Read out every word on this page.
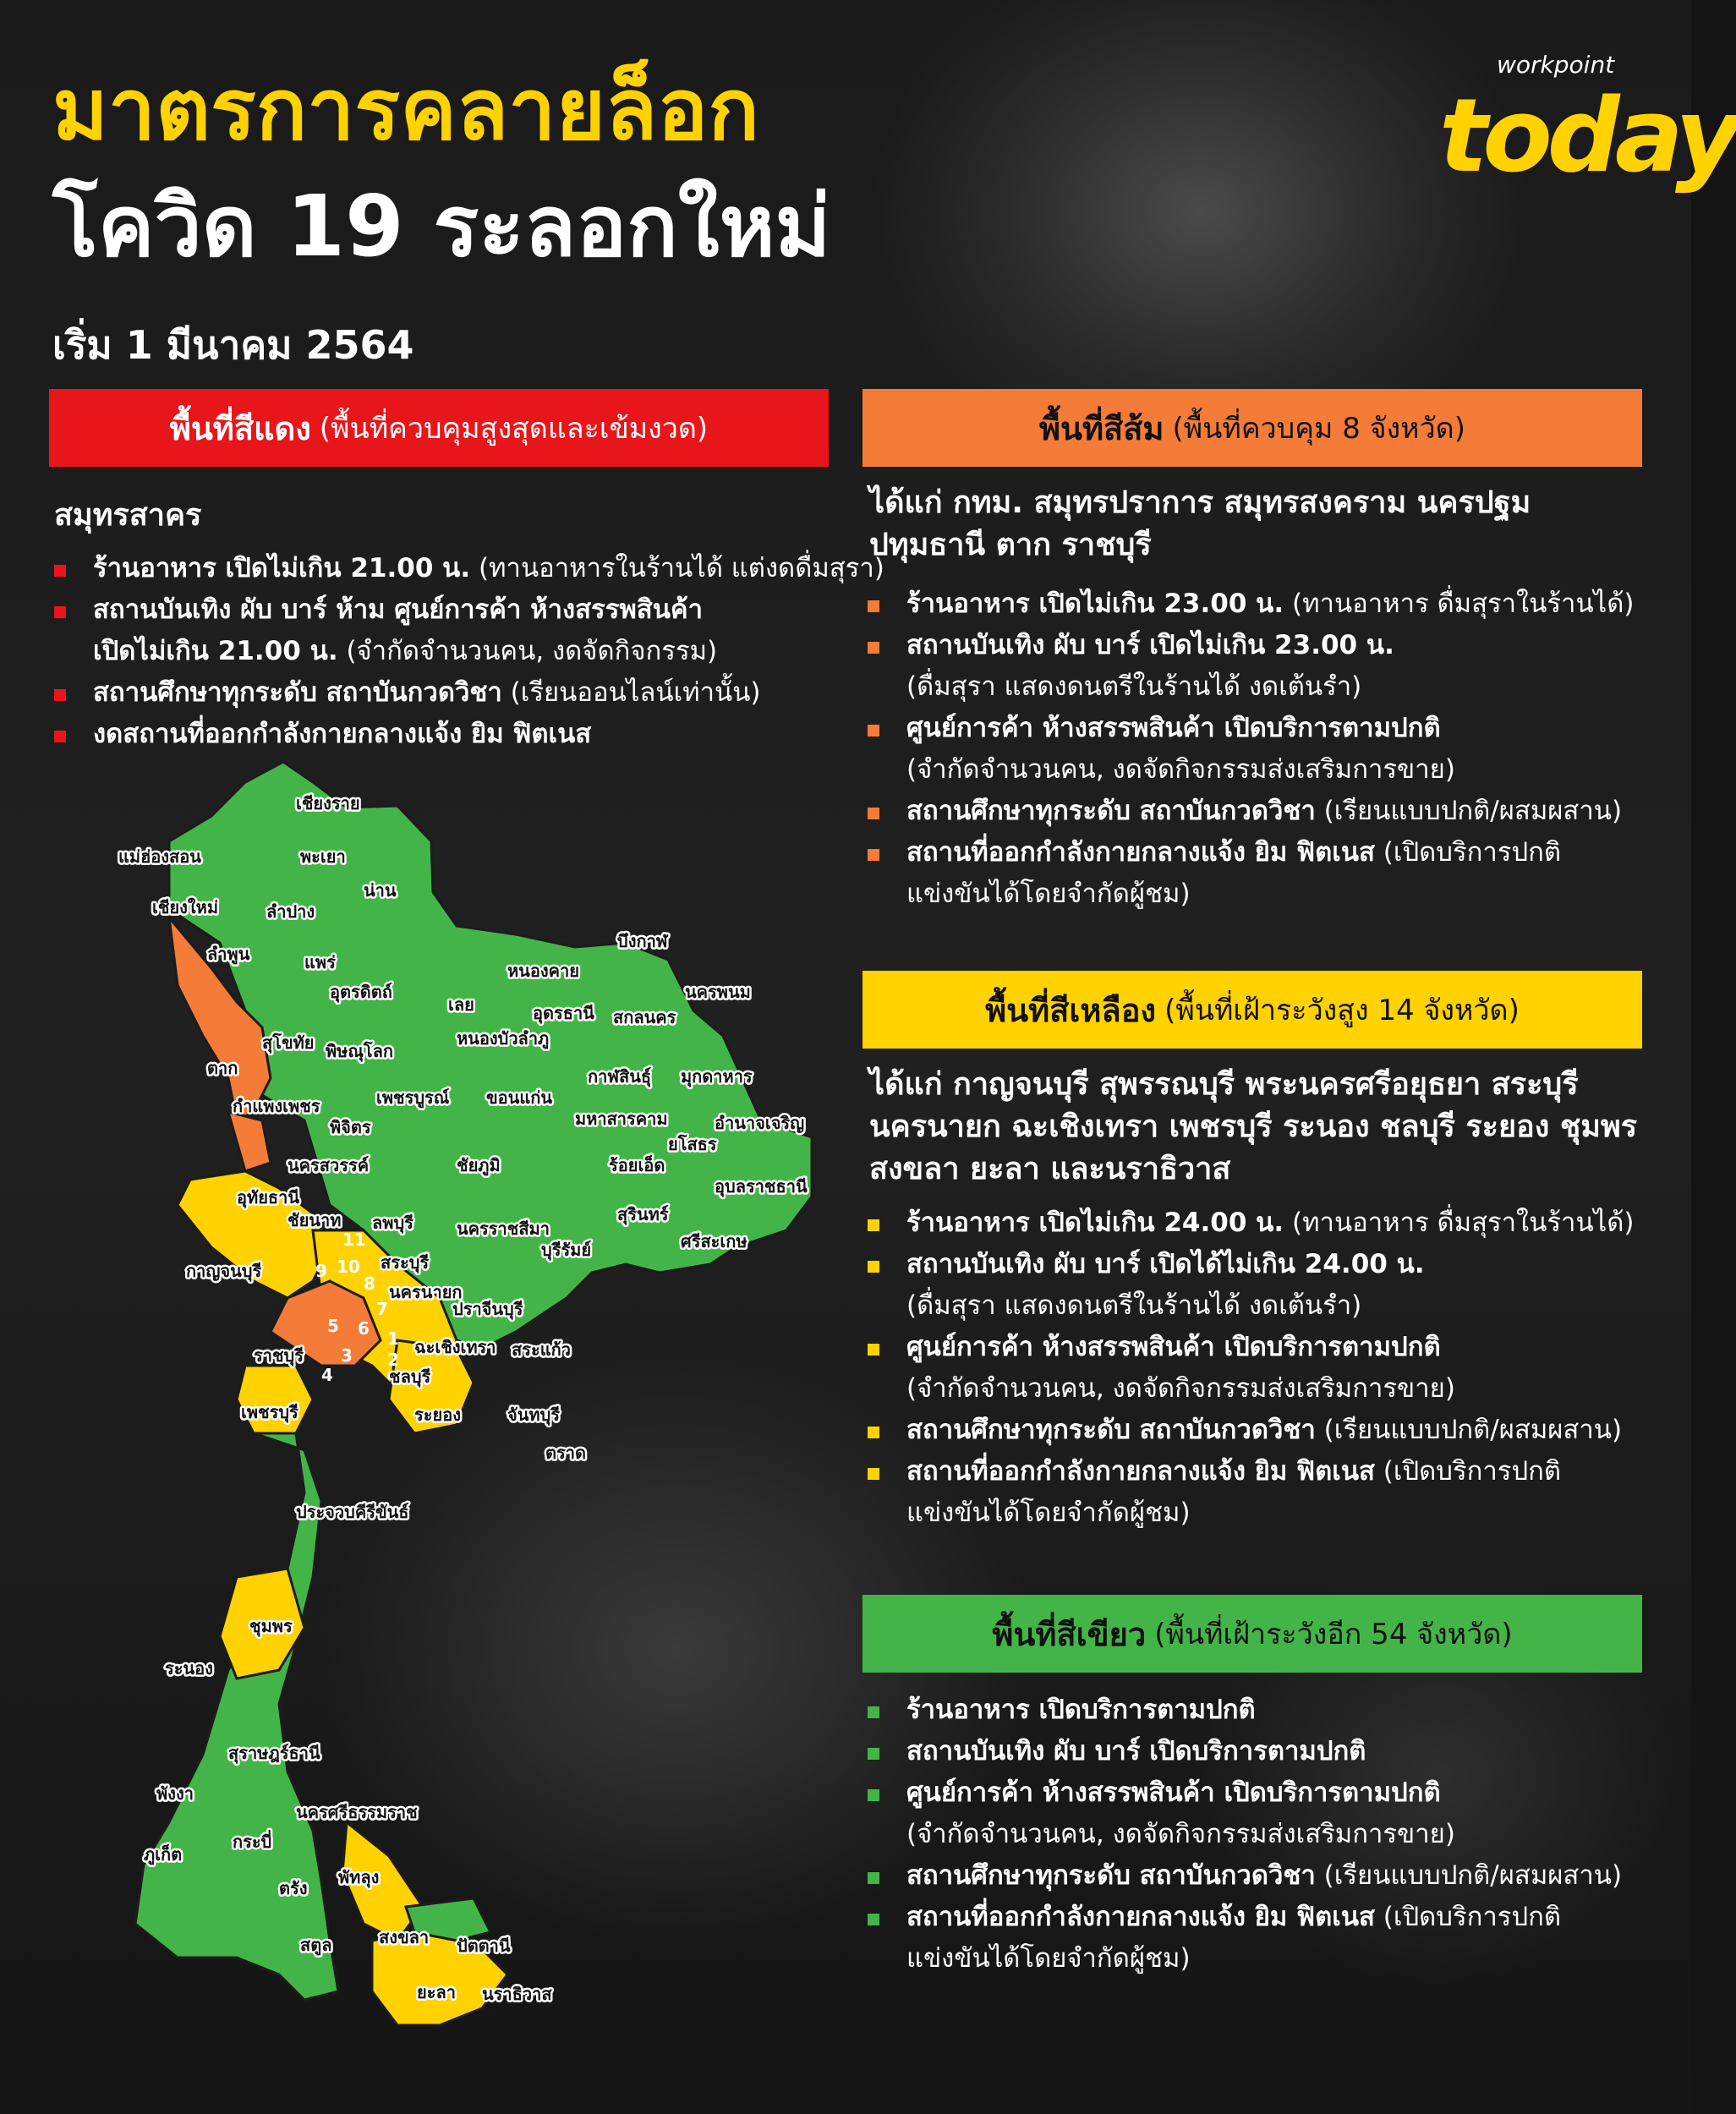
มาตรการคลายล็อก
โควิด 19 ระลอกใหม่
เริ่ม 1 มีนาคม 2564
workpoint
today
พื้นที่สีแดง (พื้นที่ควบคุมสูงสุดและเข้มงวด)
สมุทรสาคร
ร้านอาหาร เปิดไม่เกิน 21.00 น. (ทานอาหารในร้านได้ แต่งดดื่มสุรา)
สถานบันเทิง ผับ บาร์ ห้าม ศูนย์การค้า ห้างสรรพสินค้า
เปิดไม่เกิน 21.00 น. (จำกัดจำนวนคน, งดจัดกิจกรรม)
สถานศึกษาทุกระดับ สถาบันกวดวิชา (เรียนออนไลน์เท่านั้น)
งดสถานที่ออกกำลังกายกลางแจ้ง ยิม ฟิตเนส
พื้นที่สีส้ม (พื้นที่ควบคุม 8 จังหวัด)
ได้แก่ กทม. สมุทรปราการ สมุทรสงคราม นครปฐม
ปทุมธานี ตาก ราชบุรี
ร้านอาหาร เปิดไม่เกิน 23.00 น. (ทานอาหาร ดื่มสุราในร้านได้)
สถานบันเทิง ผับ บาร์ เปิดไม่เกิน 23.00 น.
(ดื่มสุรา แสดงดนตรีในร้านได้ งดเต้นรำ)
ศูนย์การค้า ห้างสรรพสินค้า เปิดบริการตามปกติ
(จำกัดจำนวนคน, งดจัดกิจกรรมส่งเสริมการขาย)
สถานศึกษาทุกระดับ สถาบันกวดวิชา (เรียนแบบปกติ/ผสมผสาน)
สถานที่ออกกำลังกายกลางแจ้ง ยิม ฟิตเนส (เปิดบริการปกติ
แข่งขันได้โดยจำกัดผู้ชม)
พื้นที่สีเหลือง (พื้นที่เฝ้าระวังสูง 14 จังหวัด)
ได้แก่ กาญจนบุรี สุพรรณบุรี พระนครศรีอยุธยา สระบุรี
นครนายก ฉะเชิงเทรา เพชรบุรี ระนอง ชลบุรี ระยอง ชุมพร
สงขลา ยะลา และนราธิวาส
ร้านอาหาร เปิดไม่เกิน 24.00 น. (ทานอาหาร ดื่มสุราในร้านได้)
สถานบันเทิง ผับ บาร์ เปิดได้ไม่เกิน 24.00 น.
(ดื่มสุรา แสดงดนตรีในร้านได้ งดเต้นรำ)
ศูนย์การค้า ห้างสรรพสินค้า เปิดบริการตามปกติ
(จำกัดจำนวนคน, งดจัดกิจกรรมส่งเสริมการขาย)
สถานศึกษาทุกระดับ สถาบันกวดวิชา (เรียนแบบปกติ/ผสมผสาน)
สถานที่ออกกำลังกายกลางแจ้ง ยิม ฟิตเนส (เปิดบริการปกติ
แข่งขันได้โดยจำกัดผู้ชม)
พื้นที่สีเขียว (พื้นที่เฝ้าระวังอีก 54 จังหวัด)
ร้านอาหาร เปิดบริการตามปกติ
สถานบันเทิง ผับ บาร์ เปิดบริการตามปกติ
ศูนย์การค้า ห้างสรรพสินค้า เปิดบริการตามปกติ
(จำกัดจำนวนคน, งดจัดกิจกรรมส่งเสริมการขาย)
สถานศึกษาทุกระดับ สถาบันกวดวิชา (เรียนแบบปกติ/ผสมผสาน)
สถานที่ออกกำลังกายกลางแจ้ง ยิม ฟิตเนส (เปิดบริการปกติ
แข่งขันได้โดยจำกัดผู้ชม)
เชียงราย
แม่ฮ่องสอน	พะเยา
น่าน
เชียงใหม่	ลำปาง
ลำพูน	แพร่
อุตรดิตถ์
บึงกาฬ
หนองคาย
นครพนม
เลย	อุดรธานี สกลนคร
สุโขทัย พิษณุโลก
หนองบัวลำภู
ตาก	กาฬสินธุ์ มุกดาหาร
กำแพงเพชร	เพชรบูรณ์ ขอนแก่น
พิจิตร	มหาสารคาม	อำนาจเจริญ
ยโสธร
นครสวรรค์	ชัยภูมิ	ร้อยเอ็ด
อุทัยธานี
อุบลราชธานี
ชัยนาท ลพบุรี	สุรินทร์
นครราชสีมา
ศรีสะเกษ
บุรีรัมย์
กาญจนบุรี	สระบุรี
นครนายก
ปราจีนบุรี
ราชบุรี	ฉะเชิงเทรา สระแก้ว
ชลบุรี
เพชรบุรี	ระยอง	จันทบุรี
ตราด
ประจวบคีรีขันธ์
ชุมพร
ระนอง
สุราษฎร์ธานี
พังงา
นครศรีธรรมราช
กระบี่
ภูเก็ต
พัทลุง
ตรัง
สตูล	สงขลา ปัตตานี
ยะลา นราธิวาส
1
2
3
4
5 6
7
8
9 10
11
